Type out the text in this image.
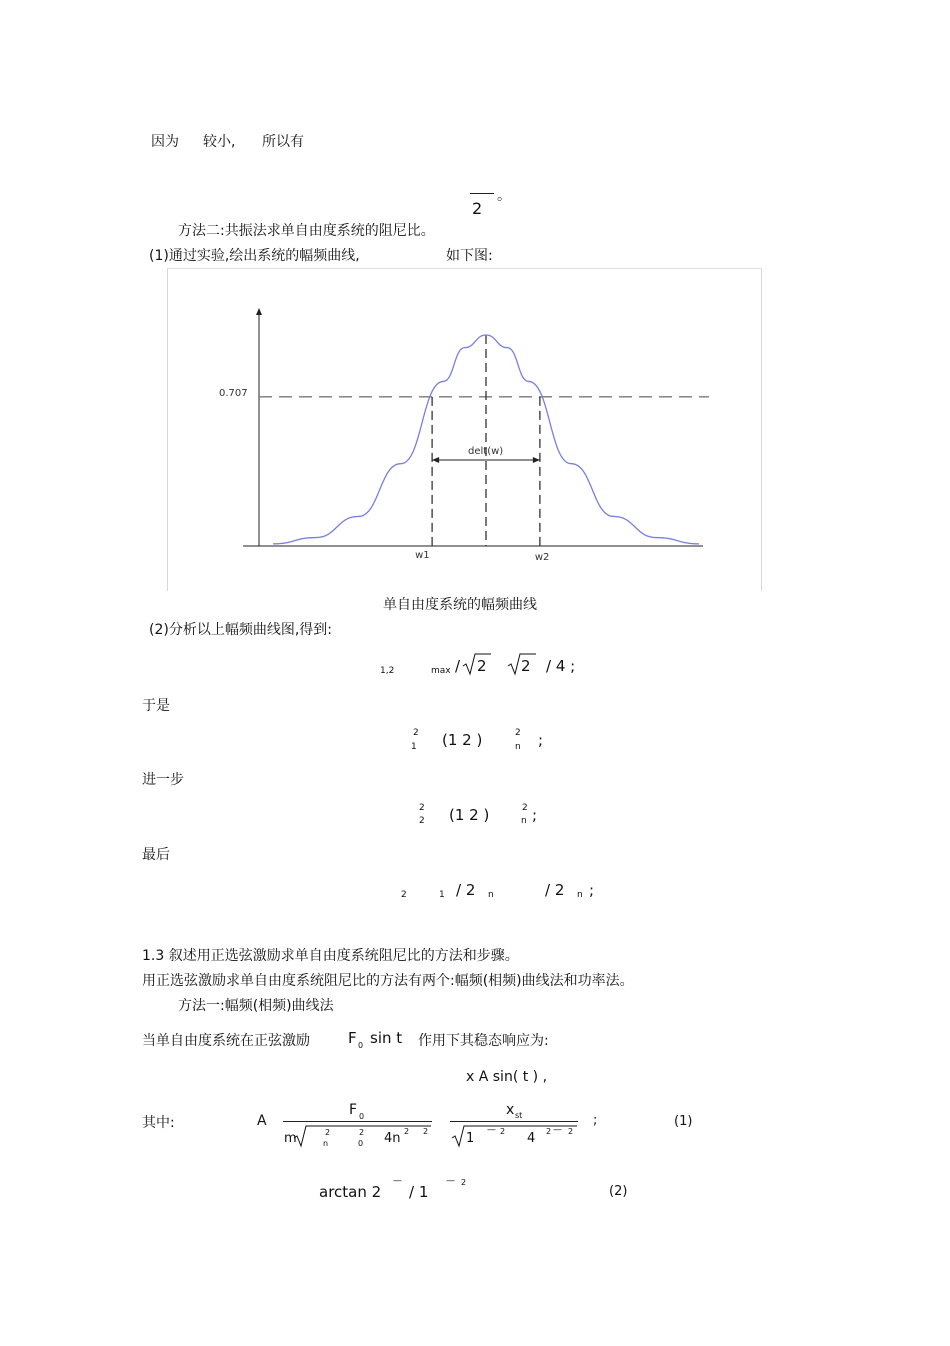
因为 较小, 所以有
2
。
方法二:共振法求单自由度系统的阻尼比。
(1)通过实验,绘出系统的幅频曲线,	如下图:
0.707
delt(w)
w1	w2
单自由度系统的幅频曲线
(2)分析以上幅频曲线图,得到:
1,2	max / 2 2 / 4 ;
于是
2
1 (1 2 )	2
n ;
进一步
2
2 (1 2 )	2
n ;
最后
2	1 / 2 n	/ 2 n ;
1.3 叙述用正选弦激励求单自由度系统阻尼比的方法和步骤。
用正选弦激励求单自由度系统阻尼比的方法有两个:幅频(相频)曲线法和功率法。
方法一:幅频(相频)曲线法
当单自由度系统在正弦激励	F 0 sin t 作用下其稳态响应为:
x A sin( t ) ,
其中:	A
F 0
m	2
n
2
0 4n 2 2
x st
1
— 2 4 2 — 2
;	(1)
arctan 2
—
/ 1
— 2
(2)
